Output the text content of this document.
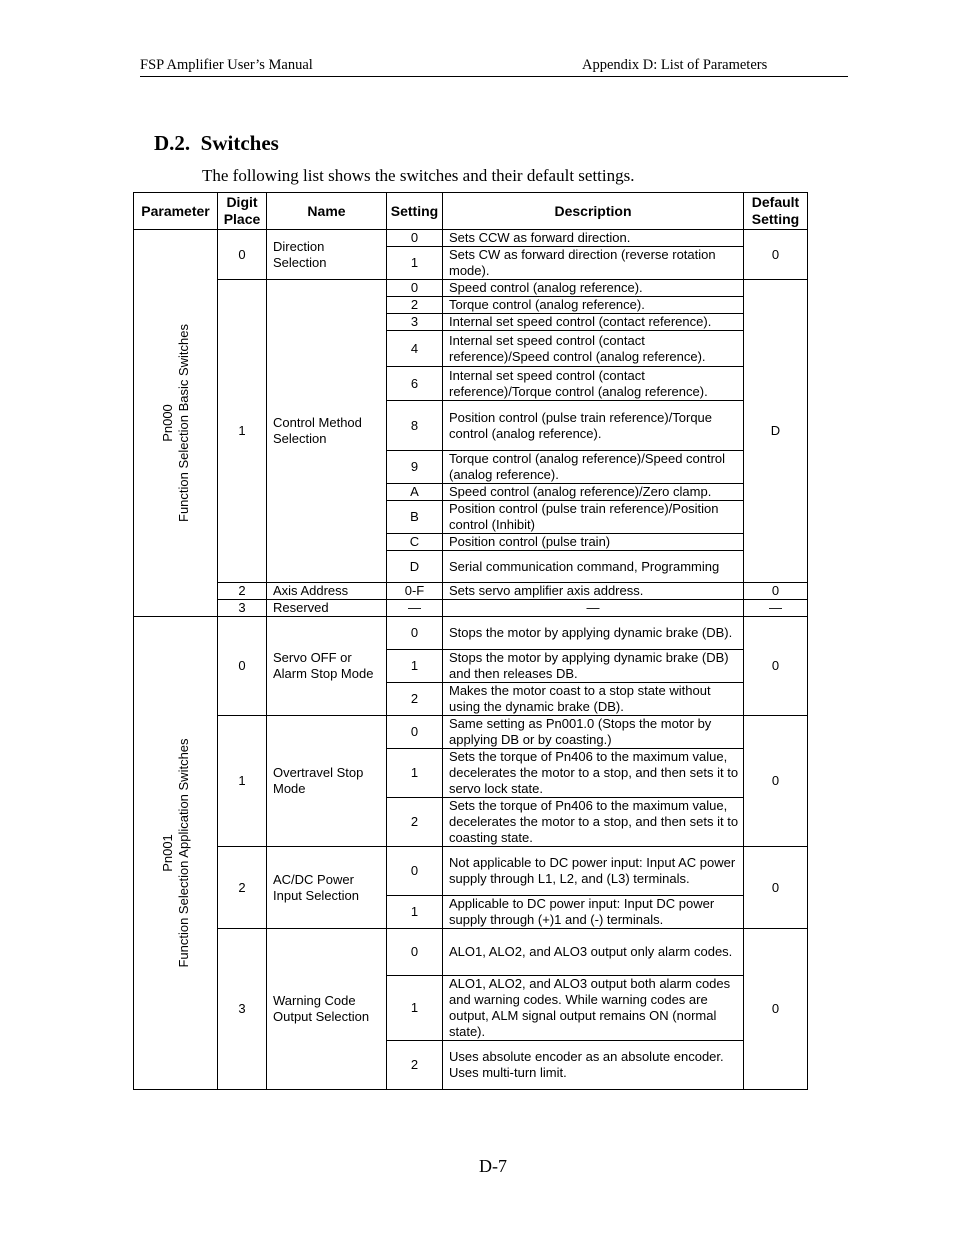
FSP Amplifier User’s Manual	Appendix D: List of Parameters
D.2.  Switches

The following list shows the switches and their default settings.

Parameter	Digit Place	Name	Setting	Description	Default Setting

Pn000 Function Selection Basic Switches	0	Direction Selection	0	Sets CCW as forward direction.	0
			1	Sets CW as forward direction (reverse rotation mode).	
	1	Control Method Selection	0	Speed control (analog reference).	D
			2	Torque control (analog reference).	
			3	Internal set speed control (contact reference).	
			4	Internal set speed control (contact reference)/Speed control (analog reference).	
			6	Internal set speed control (contact reference)/Torque control (analog reference).	
			8	Position control (pulse train reference)/Torque control (analog reference).	
			9	Torque control (analog reference)/Speed control (analog reference).	
			A	Speed control (analog reference)/Zero clamp.	
			B	Position control (pulse train reference)/Position control (Inhibit)	
			C	Position control (pulse train)	
			D	Serial communication command, Programming	
	2	Axis Address	0-F	Sets servo amplifier axis address.	0
	3	Reserved	—	—	—

Pn001 Function Selection Application Switches	0	Servo OFF or Alarm Stop Mode	0	Stops the motor by applying dynamic brake (DB).	0
			1	Stops the motor by applying dynamic brake (DB) and then releases DB.	
			2	Makes the motor coast to a stop state without using the dynamic brake (DB).	
	1	Overtravel Stop Mode	0	Same setting as Pn001.0 (Stops the motor by applying DB or by coasting.)	0
			1	Sets the torque of Pn406 to the maximum value, decelerates the motor to a stop, and then sets it to servo lock state.	
			2	Sets the torque of Pn406 to the maximum value, decelerates the motor to a stop, and then sets it to coasting state.	
	2	AC/DC Power Input Selection	0	Not applicable to DC power input: Input AC power supply through L1, L2, and (L3) terminals.	0
			1	Applicable to DC power input: Input DC power supply through (+)1 and (-) terminals.	
	3	Warning Code Output Selection	0	ALO1, ALO2, and ALO3 output only alarm codes.	0
			1	ALO1, ALO2, and ALO3 output both alarm codes and warning codes. While warning codes are output, ALM signal output remains ON (normal state).	
			2	Uses absolute encoder as an absolute encoder.
Uses multi-turn limit.	
D-7
